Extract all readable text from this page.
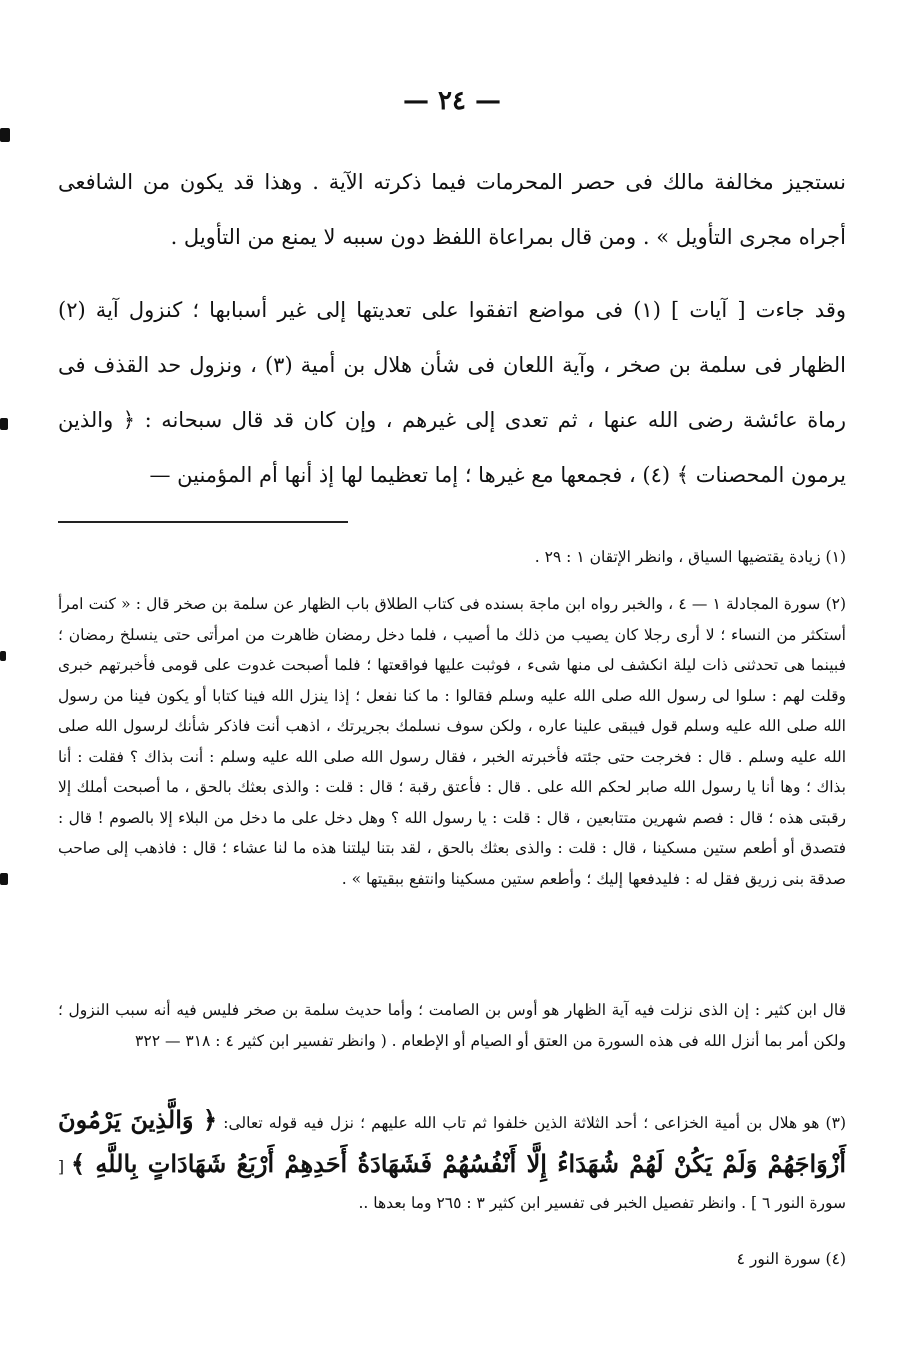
— ٢٤ —

نستجيز مخالفة مالك فى حصر المحرمات فيما ذكرته الآية . وهذا قد يكون من الشافعى أجراه مجرى التأويل » . ومن قال بمراعاة اللفظ دون سببه لا يمنع من التأويل .

وقد جاءت [ آيات ] (١) فى مواضع اتفقوا على تعديتها إلى غير أسبابها ؛ كنزول آية (٢) الظهار فى سلمة بن صخر ، وآية اللعان فى شأن هلال بن أمية (٣) ، ونزول حد القذف فى رماة عائشة رضى الله عنها ، ثم تعدى إلى غيرهم ، وإن كان قد قال سبحانه : ﴿ والذين يرمون المحصنات ﴾ (٤) ، فجمعها مع غيرها ؛ إما تعظيما لها إذ أنها أم المؤمنين —

(١) زيادة يقتضيها السياق ، وانظر الإتقان ١ : ٢٩ .

(٢) سورة المجادلة ١ — ٤ ، والخبر رواه ابن ماجة بسنده فى كتاب الطلاق باب الظهار عن سلمة بن صخر قال : « كنت امرأ أستكثر من النساء ؛ لا أرى رجلا كان يصيب من ذلك ما أصيب ، فلما دخل رمضان ظاهرت من امرأتى حتى ينسلخ رمضان ؛ فبينما هى تحدثنى ذات ليلة انكشف لى منها شىء ، فوثبت عليها فواقعتها ؛ فلما أصبحت غدوت على قومى فأخبرتهم خبرى وقلت لهم : سلوا لى رسول الله صلى الله عليه وسلم فقالوا : ما كنا نفعل ؛ إذا ينزل الله فينا كتابا أو يكون فينا من رسول الله صلى الله عليه وسلم قول فيبقى علينا عاره ، ولكن سوف نسلمك بجريرتك ، اذهب أنت فاذكر شأنك لرسول الله صلى الله عليه وسلم . قال : فخرجت حتى جئته فأخبرته الخبر ، فقال رسول الله صلى الله عليه وسلم : أنت بذاك ؟ فقلت : أنا بذاك ؛ وها أنا يا رسول الله صابر لحكم الله على . قال : فأعتق رقبة ؛ قال : قلت : والذى بعثك بالحق ، ما أصبحت أملك إلا رقبتى هذه ؛ قال : فصم شهرين متتابعين ، قال : قلت : يا رسول الله ؟ وهل دخل على ما دخل من البلاء إلا بالصوم ! قال : فتصدق أو أطعم ستين مسكينا ، قال : قلت : والذى بعثك بالحق ، لقد بتنا ليلتنا هذه ما لنا عشاء ؛ قال : فاذهب إلى صاحب صدقة بنى زريق فقل له : فليدفعها إليك ؛ وأطعم ستين مسكينا وانتفع ببقيتها » .

قال ابن كثير : إن الذى نزلت فيه آية الظهار هو أوس بن الصامت ؛ وأما حديث سلمة بن صخر فليس فيه أنه سبب النزول ؛ ولكن أمر بما أنزل الله فى هذه السورة من العتق أو الصيام أو الإطعام . ( وانظر تفسير ابن كثير ٤ : ٣١٨ — ٣٢٢

(٣) هو هلال بن أمية الخزاعى ؛ أحد الثلاثة الذين خلفوا ثم تاب الله عليهم ؛ نزل فيه قوله تعالى: ﴿ وَالَّذِينَ يَرْمُونَ أَزْوَاجَهُمْ وَلَمْ يَكُنْ لَهُمْ شُهَدَاءُ إِلَّا أَنْفُسُهُمْ فَشَهَادَةُ أَحَدِهِمْ أَرْبَعُ شَهَادَاتٍ بِاللَّهِ ﴾ [ سورة النور ٦ ] . وانظر تفصيل الخبر فى تفسير ابن كثير ٣ : ٢٦٥ وما بعدها ..

(٤) سورة النور ٤
